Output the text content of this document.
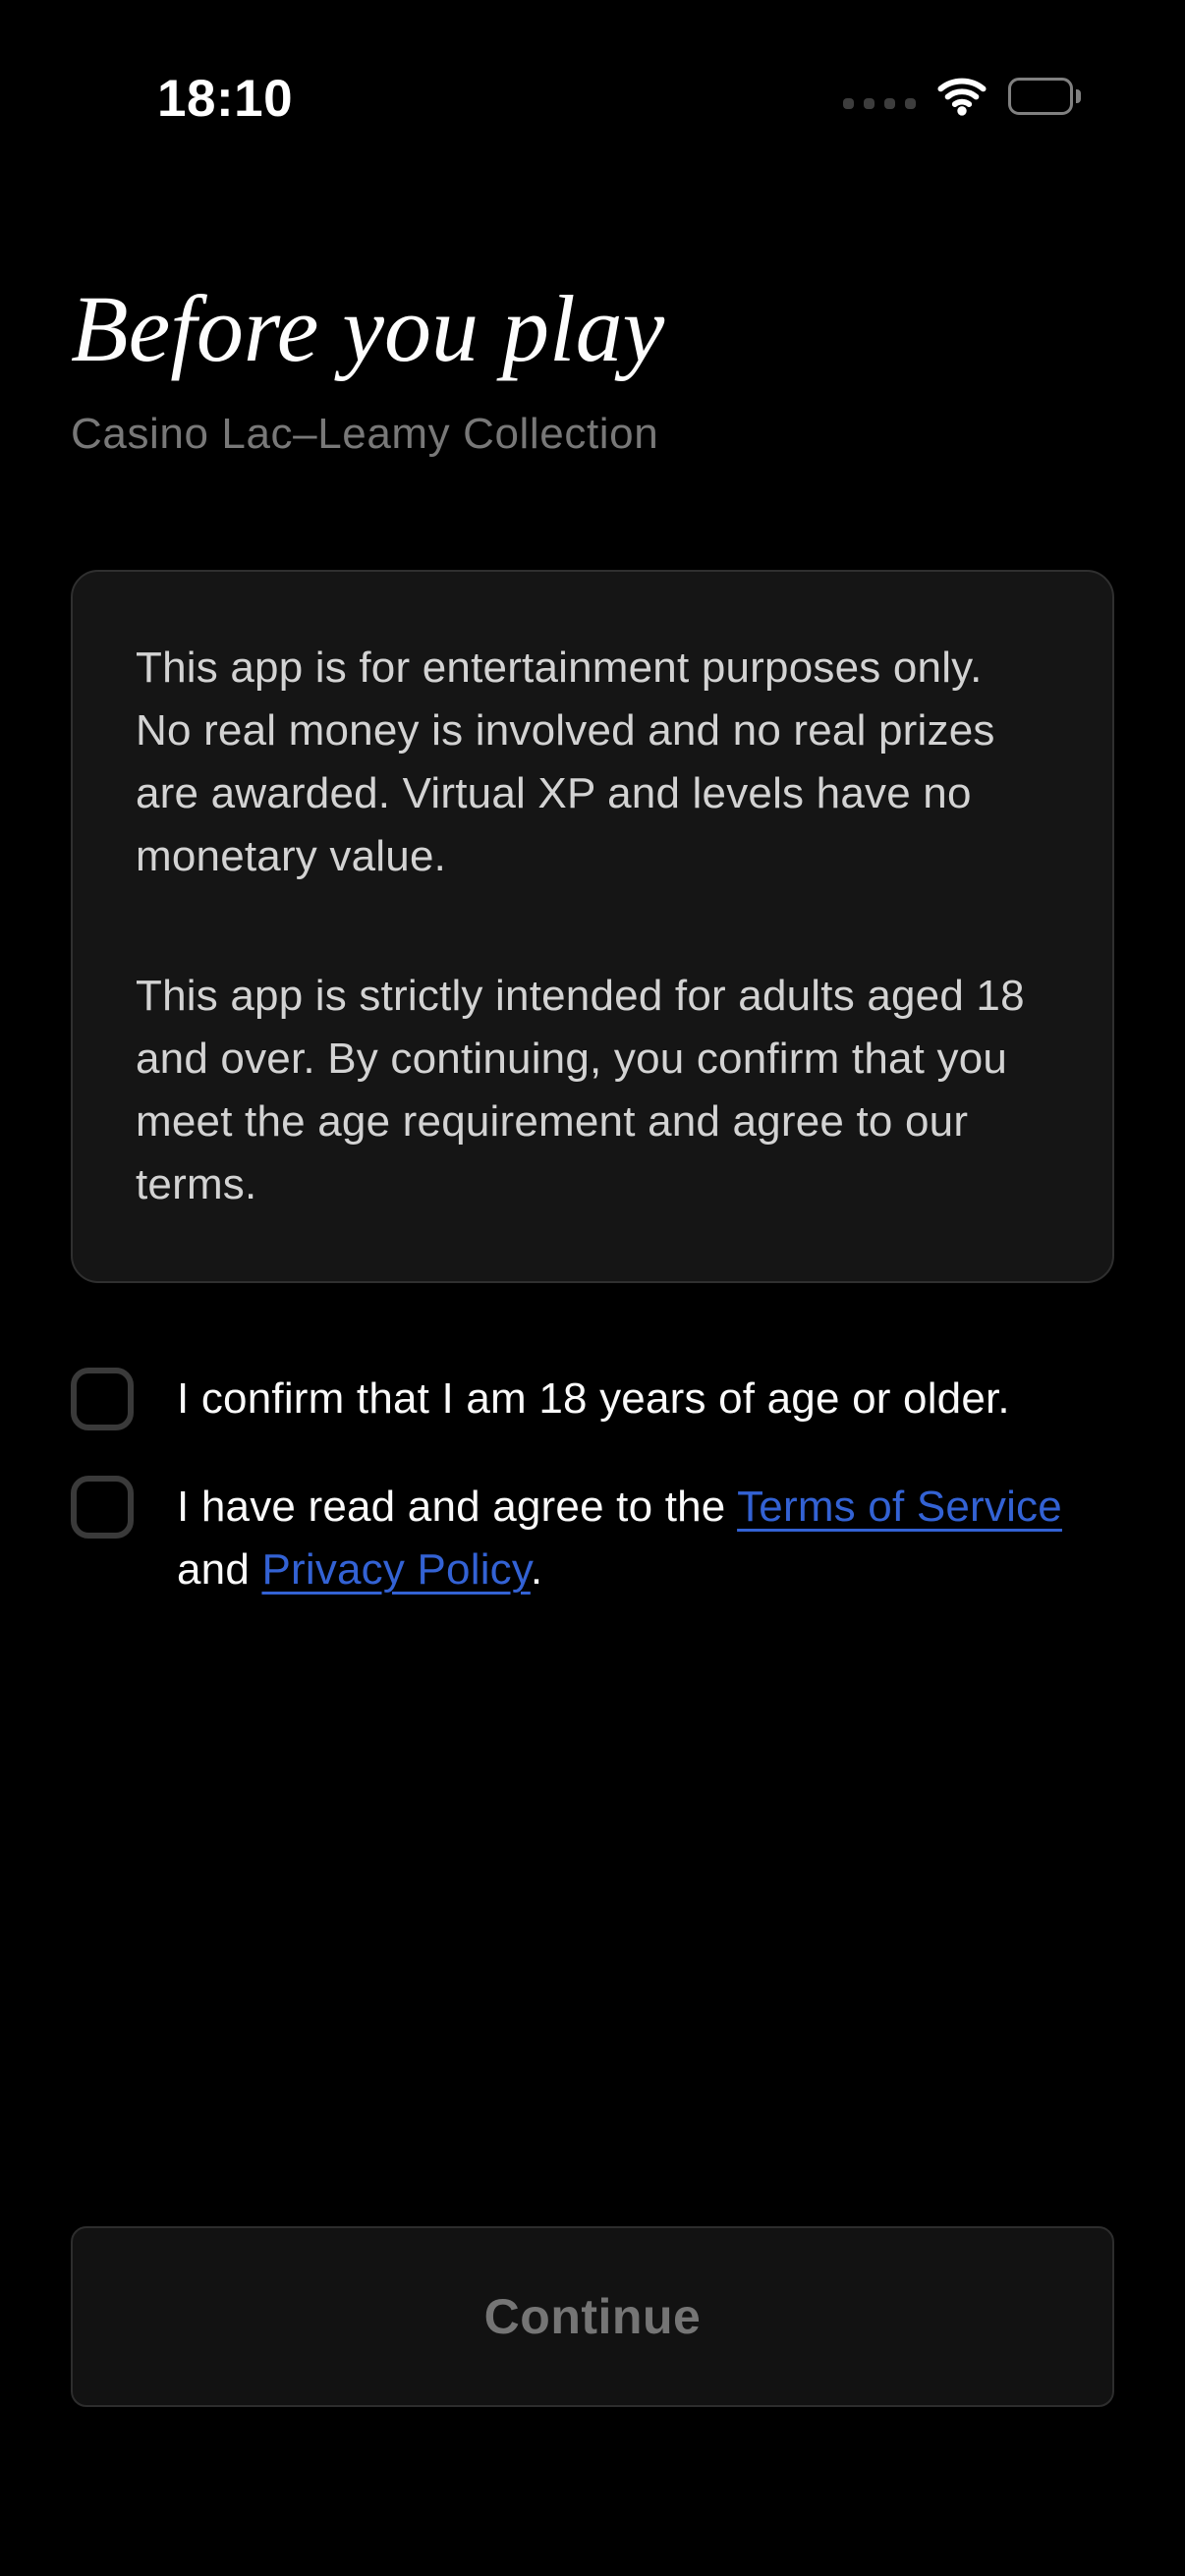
18:10
Before you play

Casino Lac–Leamy Collection

This app is for entertainment purposes only. No real money is involved and no real prizes are awarded. Virtual XP and levels have no monetary value.

This app is strictly intended for adults aged 18 and over. By continuing, you confirm that you meet the age requirement and agree to our terms.

I confirm that I am 18 years of age or older.
I have read and agree to the Terms of Service and Privacy Policy.
Continue
